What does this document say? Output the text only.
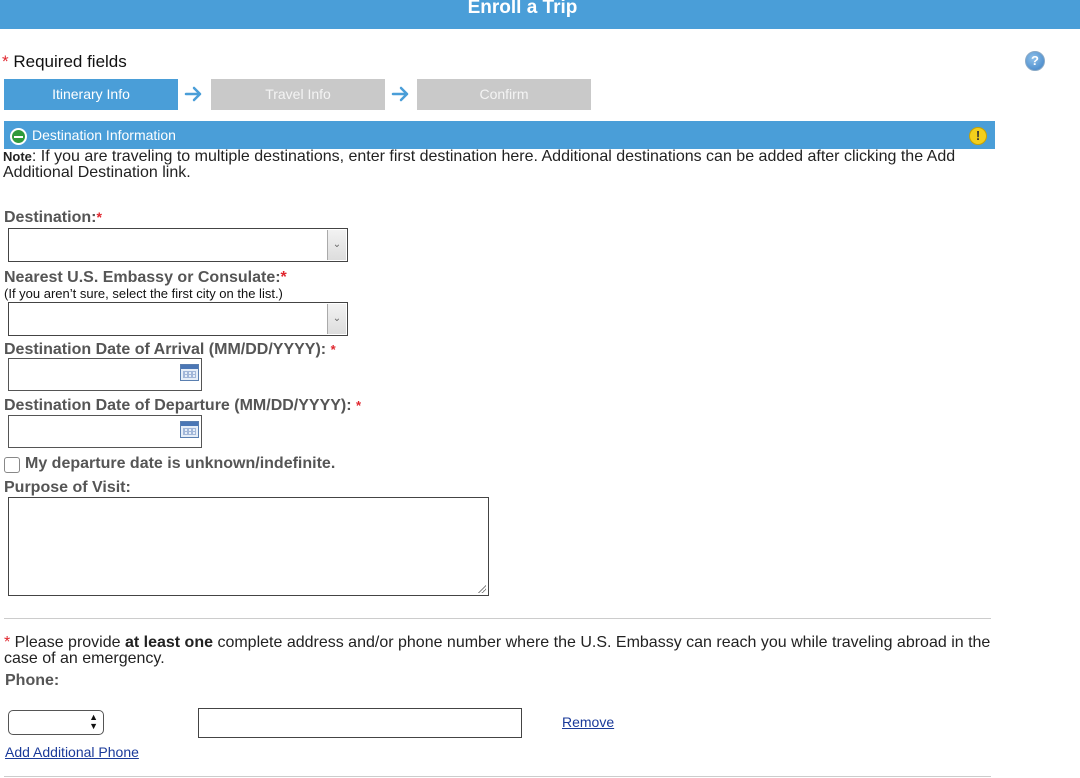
Enroll a Trip
* Required fields	?
Itinerary Info	Travel Info	Confirm
Destination Information	!
Note: If you are traveling to multiple destinations, enter first destination here. Additional destinations can be added after clicking the Add Additional Destination link.
Destination:*
⌄
Nearest U.S. Embassy or Consulate:*
(If you aren’t sure, select the first city on the list.)
⌄
Destination Date of Arrival (MM/DD/YYYY): *
Destination Date of Departure (MM/DD/YYYY): *
My departure date is unknown/indefinite.
Purpose of Visit:
* Please provide at least one complete address and/or phone number where the U.S. Embassy can reach you while traveling abroad in the case of an emergency.
Phone:
▲
▼	Remove
Add Additional Phone
